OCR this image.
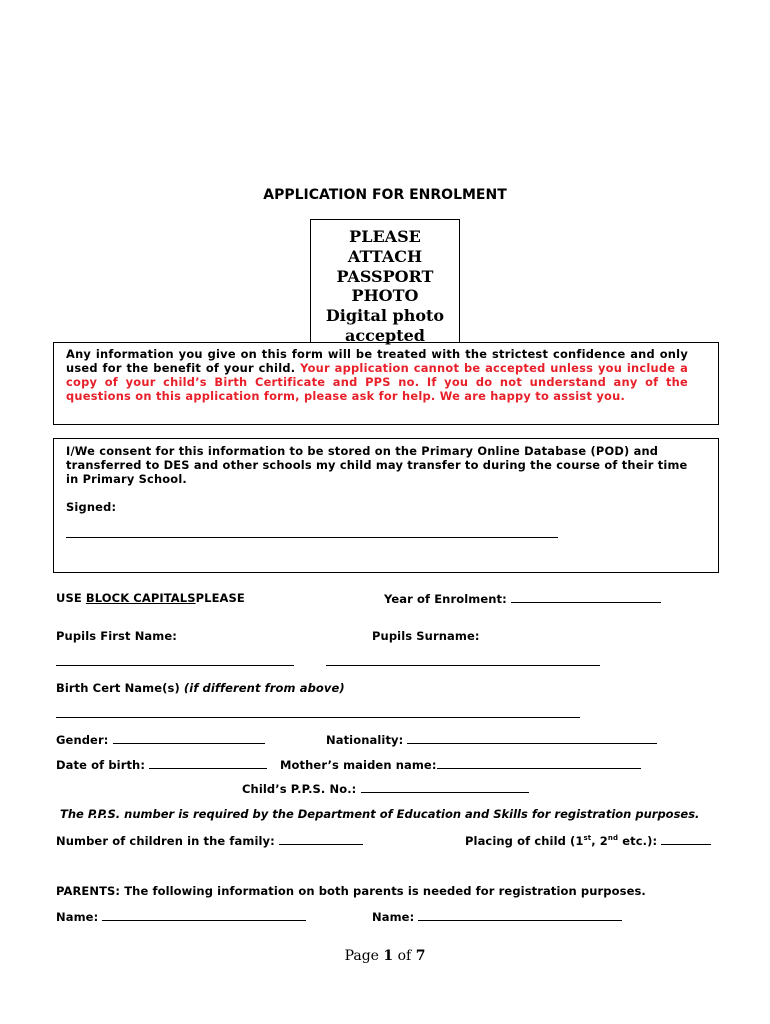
APPLICATION FOR ENROLMENT
PLEASE
ATTACH
PASSPORT
PHOTO
Digital photo
accepted
Any information you give on this form will be treated with the strictest confidence and only used for the benefit of your child. Your application cannot be accepted unless you include a copy of your child’s Birth Certificate and PPS no. If you do not understand any of the questions on this application form, please ask for help. We are happy to assist you.
I/We consent for this information to be stored on the Primary Online Database (POD) and transferred to DES and other schools my child may transfer to during the course of their time in Primary School.
Signed:
USE BLOCK CAPITALSPLEASE	Year of Enrolment:
Pupils First Name:	Pupils Surname:
Birth Cert Name(s) (if different from above)
Gender:	Nationality:
Date of birth:	Mother’s maiden name:
Child’s P.P.S. No.:
The P.P.S. number is required by the Department of Education and Skills for registration purposes.
Number of children in the family:	Placing of child (1st, 2nd etc.):
PARENTS: The following information on both parents is needed for registration purposes.
Name:	Name:
Page 1 of 7
